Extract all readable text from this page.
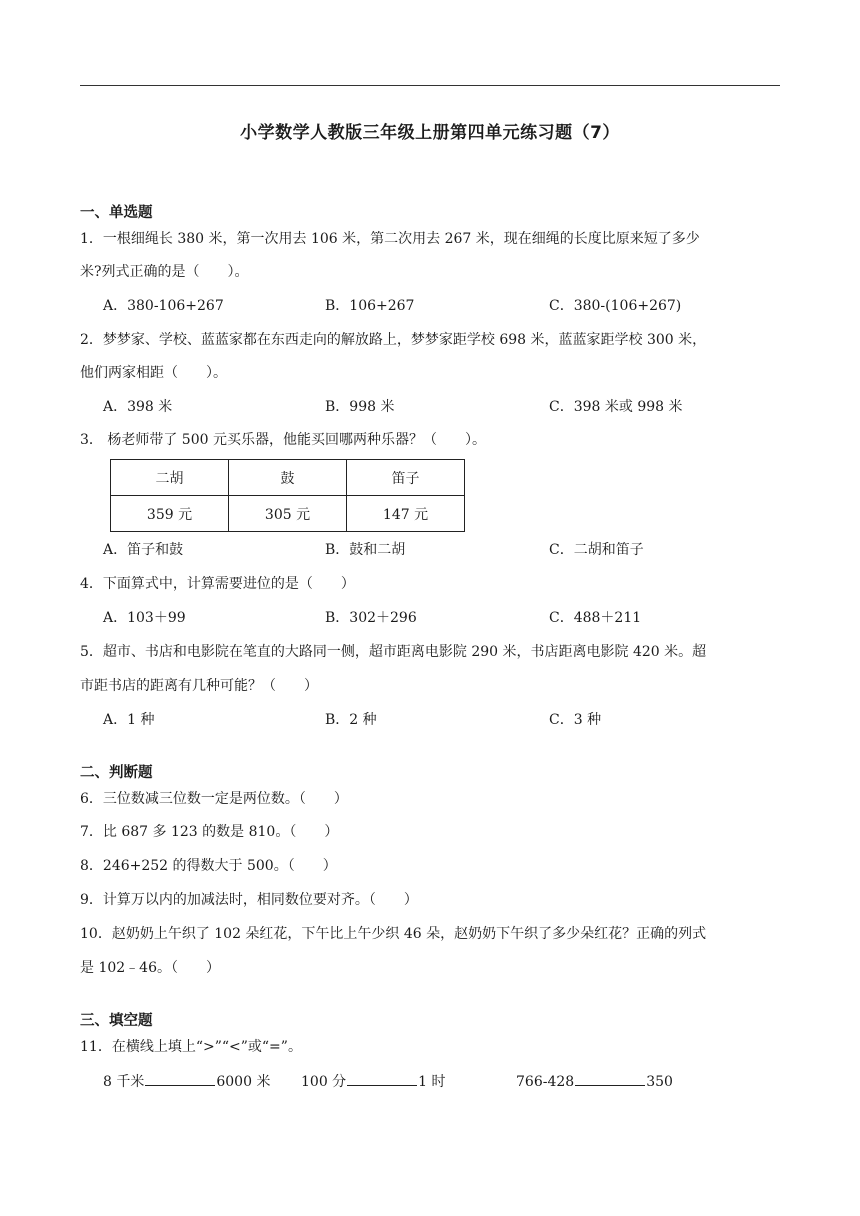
小学数学人教版三年级上册第四单元练习题（7）
一、单选题
1．一根细绳长 380 米，第一次用去 106 米，第二次用去 267 米，现在细绳的长度比原来短了多少
米?列式正确的是（　　）。
A．380-106+267	B．106+267	C．380-(106+267)
2．梦梦家、学校、蓝蓝家都在东西走向的解放路上，梦梦家距学校 698 米，蓝蓝家距学校 300 米，
他们两家相距（　　）。
A．398 米	B．998 米	C．398 米或 998 米
3． 杨老师带了 500 元买乐器，他能买回哪两种乐器？（　　）。
二胡	鼓	笛子
359 元	305 元	147 元
A．笛子和鼓	B．鼓和二胡	C．二胡和笛子
4．下面算式中，计算需要进位的是（　　）
A．103＋99	B．302＋296	C．488＋211
5．超市、书店和电影院在笔直的大路同一侧，超市距离电影院 290 米，书店距离电影院 420 米。超
市距书店的距离有几种可能？（　　）
A．1 种	B．2 种	C．3 种
二、判断题
6．三位数减三位数一定是两位数。（　　）
7．比 687 多 123 的数是 810。（　　）
8．246+252 的得数大于 500。（　　）
9．计算万以内的加减法时，相同数位要对齐。（　　）
10．赵奶奶上午织了 102 朵红花，下午比上午少织 46 朵，赵奶奶下午织了多少朵红花？正确的列式
是 102﹣46。（　　）
三、填空题
11．在横线上填上“>”“<”或“=”。
8 千米	6000 米 100 分	1 时	766-428	350
